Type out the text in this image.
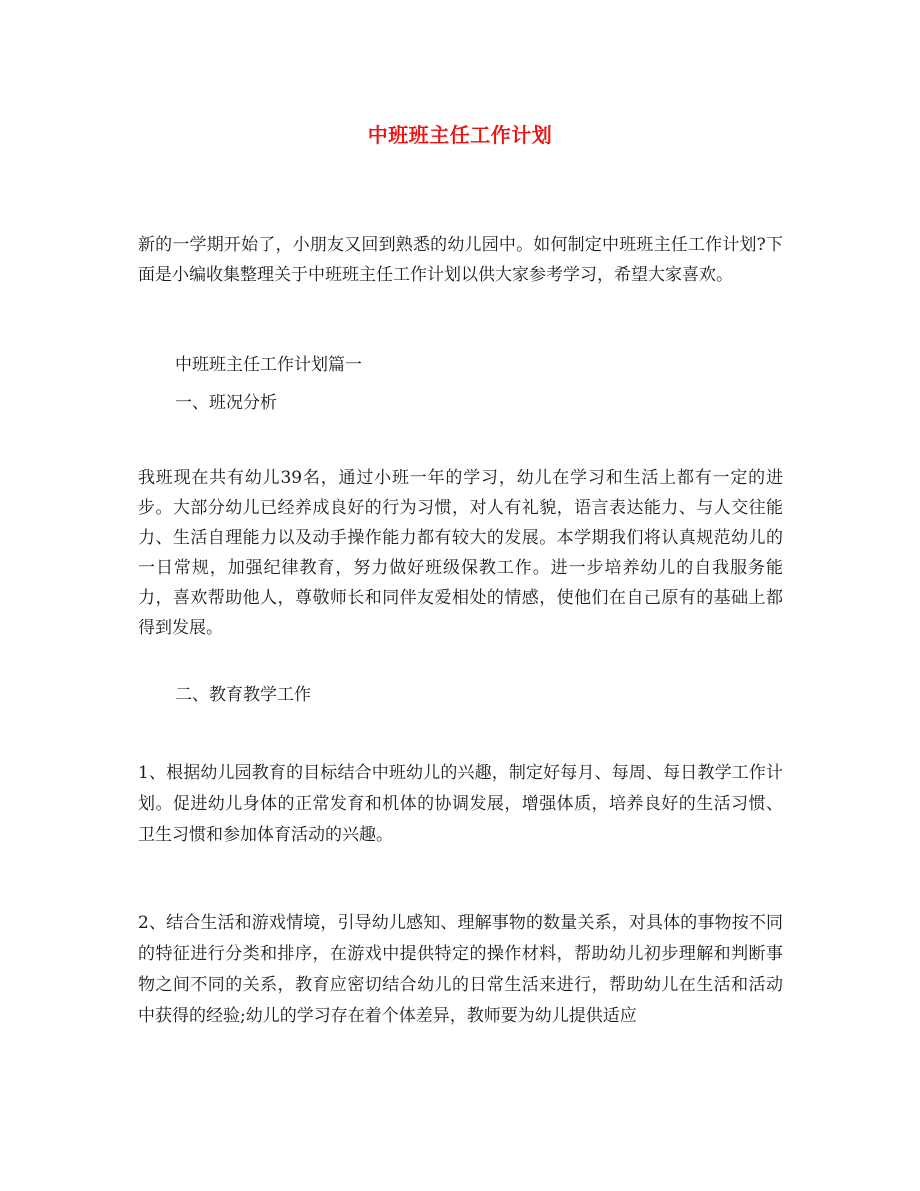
中班班主任工作计划

新的一学期开始了，小朋友又回到熟悉的幼儿园中。如何制定中班班主任工作计划?下面是小编收集整理关于中班班主任工作计划以供大家参考学习，希望大家喜欢。

中班班主任工作计划篇一

一、班况分析

我班现在共有幼儿39名，通过小班一年的学习，幼儿在学习和生活上都有一定的进步。大部分幼儿已经养成良好的行为习惯，对人有礼貌，语言表达能力、与人交往能力、生活自理能力以及动手操作能力都有较大的发展。本学期我们将认真规范幼儿的一日常规，加强纪律教育，努力做好班级保教工作。进一步培养幼儿的自我服务能力，喜欢帮助他人，尊敬师长和同伴友爱相处的情感，使他们在自己原有的基础上都得到发展。

二、教育教学工作

1、根据幼儿园教育的目标结合中班幼儿的兴趣，制定好每月、每周、每日教学工作计划。促进幼儿身体的正常发育和机体的协调发展，增强体质，培养良好的生活习惯、卫生习惯和参加体育活动的兴趣。

2、结合生活和游戏情境，引导幼儿感知、理解事物的数量关系，对具体的事物按不同的特征进行分类和排序，在游戏中提供特定的操作材料，帮助幼儿初步理解和判断事物之间不同的关系，教育应密切结合幼儿的日常生活来进行，帮助幼儿在生活和活动中获得的经验;幼儿的学习存在着个体差异，教师要为幼儿提供适应
